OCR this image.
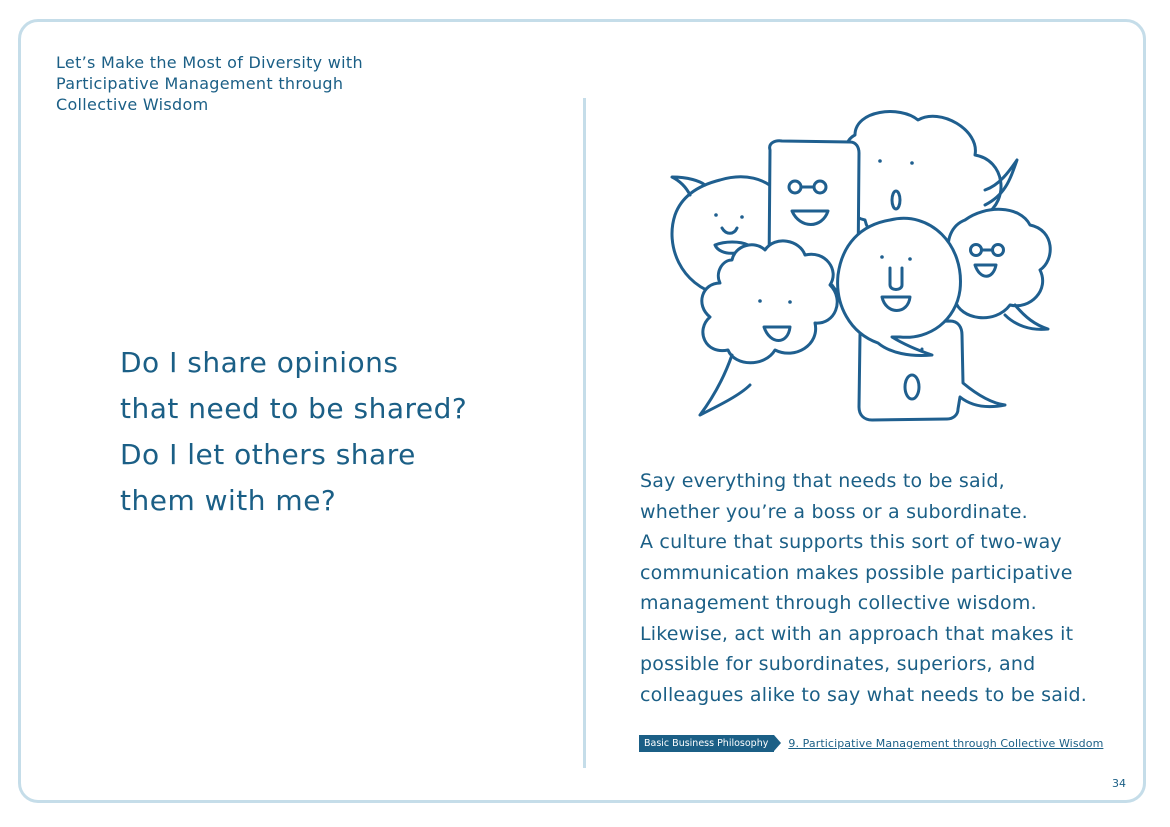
Let’s Make the Most of Diversity with
Participative Management through
Collective Wisdom
Do I share opinions
that need to be shared?
Do I let others share
them with me?
Say everything that needs to be said,
whether you’re a boss or a subordinate.
A culture that supports this sort of two-way
communication makes possible participative
management through collective wisdom.
Likewise, act with an approach that makes it
possible for subordinates, superiors, and
colleagues alike to say what needs to be said.
Basic Business Philosophy	9. Participative Management through Collective Wisdom
34
